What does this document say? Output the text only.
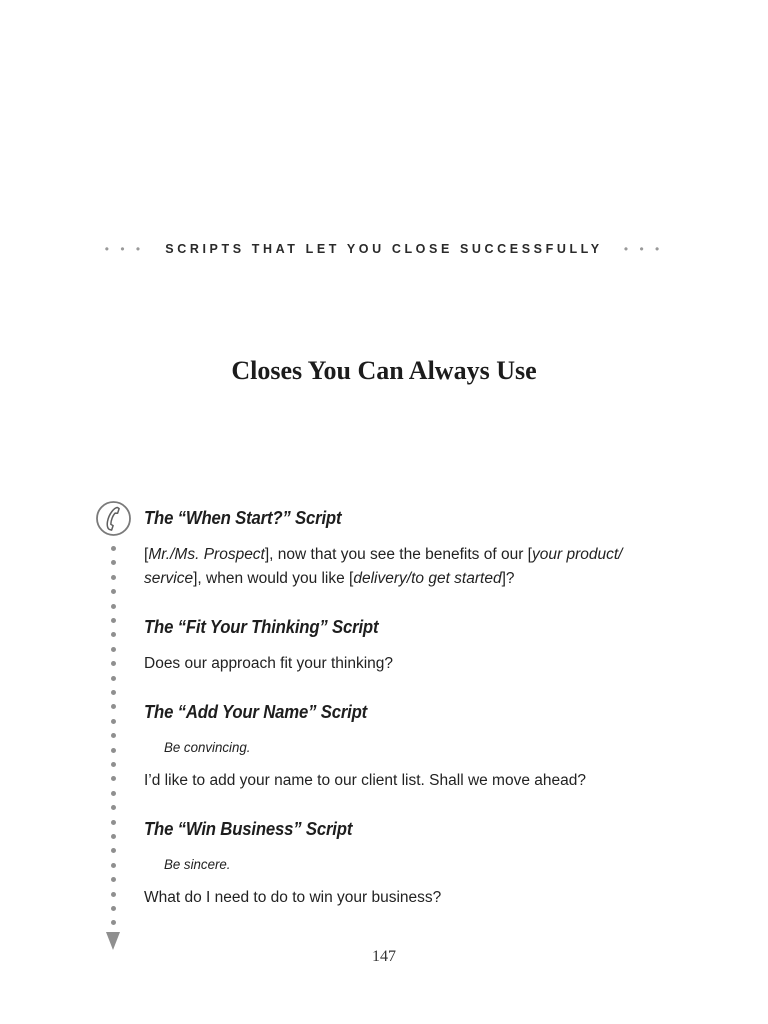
• • • SCRIPTS THAT LET YOU CLOSE SUCCESSFULLY • • •
Closes You Can Always Use
The “When Start?” Script

[Mr./Ms. Prospect], now that you see the benefits of our [your product/
service], when would you like [delivery/to get started]?

The “Fit Your Thinking” Script

Does our approach fit your thinking?

The “Add Your Name” Script

Be convincing.

I’d like to add your name to our client list. Shall we move ahead?

The “Win Business” Script

Be sincere.

What do I need to do to win your business?

147
